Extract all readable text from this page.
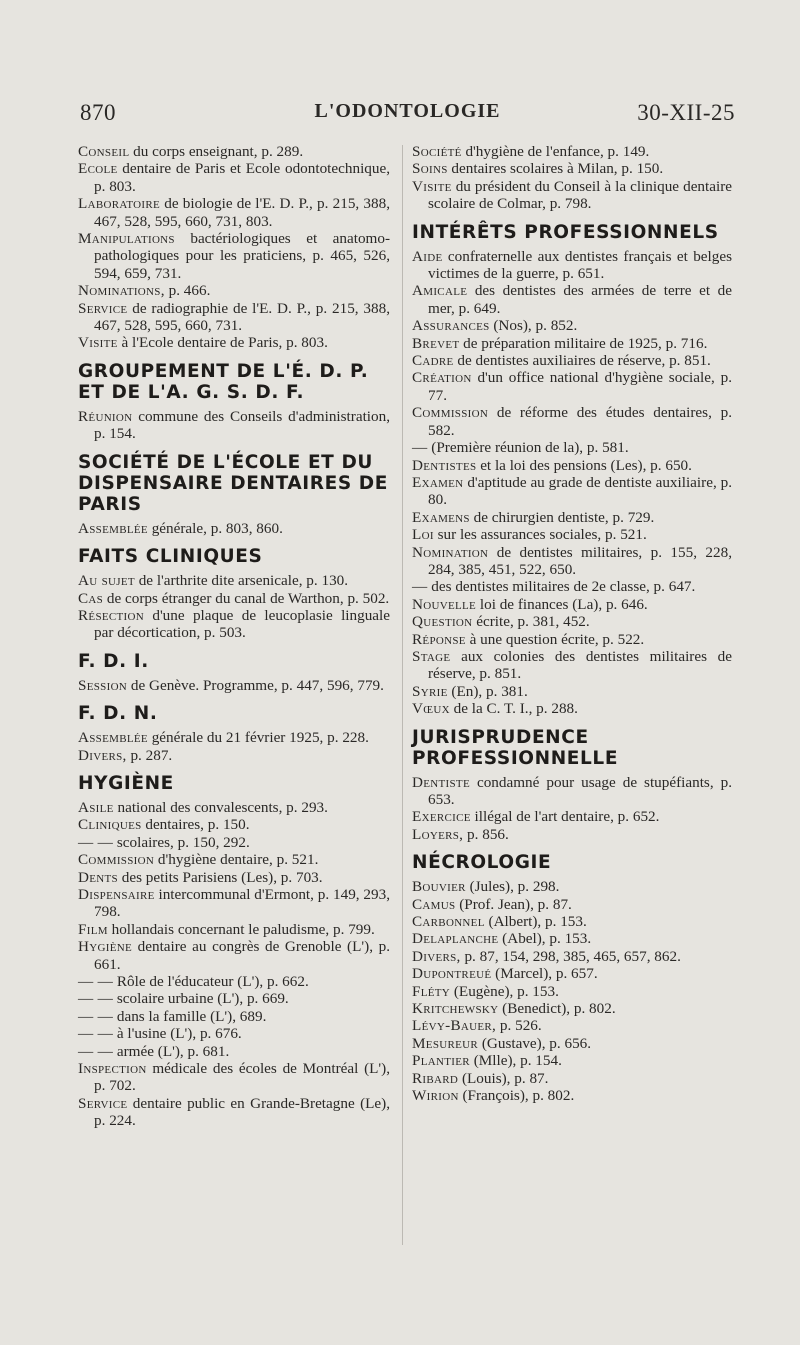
870	L'ODONTOLOGIE	30-XII-25
Conseil du corps enseignant, p. 289.
Ecole dentaire de Paris et Ecole odontotechnique, p. 803.
Laboratoire de biologie de l'E. D. P., p. 215, 388, 467, 528, 595, 660, 731, 803.
Manipulations bactériologiques et anatomo-pathologiques pour les praticiens, p. 465, 526, 594, 659, 731.
Nominations, p. 466.
Service de radiographie de l'E. D. P., p. 215, 388, 467, 528, 595, 660, 731.
Visite à l'Ecole dentaire de Paris, p. 803.
GROUPEMENT DE L'É. D. P. ET DE L'A. G. S. D. F.
Réunion commune des Conseils d'administration, p. 154.
SOCIÉTÉ DE L'ÉCOLE ET DU DISPENSAIRE DENTAIRES DE PARIS
Assemblée générale, p. 803, 860.
FAITS CLINIQUES
Au sujet de l'arthrite dite arsenicale, p. 130.
Cas de corps étranger du canal de Warthon, p. 502.
Résection d'une plaque de leucoplasie linguale par décortication, p. 503.
F. D. I.
Session de Genève. Programme, p. 447, 596, 779.
F. D. N.
Assemblée générale du 21 février 1925, p. 228.
Divers, p. 287.
HYGIÈNE
Asile national des convalescents, p. 293.
Cliniques dentaires, p. 150.
— — scolaires, p. 150, 292.
Commission d'hygiène dentaire, p. 521.
Dents des petits Parisiens (Les), p. 703.
Dispensaire intercommunal d'Ermont, p. 149, 293, 798.
Film hollandais concernant le paludisme, p. 799.
Hygiène dentaire au congrès de Grenoble (L'), p. 661.
— — Rôle de l'éducateur (L'), p. 662.
— — scolaire urbaine (L'), p. 669.
— — dans la famille (L'), 689.
— — à l'usine (L'), p. 676.
— — armée (L'), p. 681.
Inspection médicale des écoles de Montréal (L'), p. 702.
Service dentaire public en Grande-Bretagne (Le), p. 224.
Société d'hygiène de l'enfance, p. 149.
Soins dentaires scolaires à Milan, p. 150.
Visite du président du Conseil à la clinique dentaire scolaire de Colmar, p. 798.
INTÉRÊTS PROFESSIONNELS
Aide confraternelle aux dentistes français et belges victimes de la guerre, p. 651.
Amicale des dentistes des armées de terre et de mer, p. 649.
Assurances (Nos), p. 852.
Brevet de préparation militaire de 1925, p. 716.
Cadre de dentistes auxiliaires de réserve, p. 851.
Création d'un office national d'hygiène sociale, p. 77.
Commission de réforme des études dentaires, p. 582.
— (Première réunion de la), p. 581.
Dentistes et la loi des pensions (Les), p. 650.
Examen d'aptitude au grade de dentiste auxiliaire, p. 80.
Examens de chirurgien dentiste, p. 729.
Loi sur les assurances sociales, p. 521.
Nomination de dentistes militaires, p. 155, 228, 284, 385, 451, 522, 650.
— des dentistes militaires de 2e classe, p. 647.
Nouvelle loi de finances (La), p. 646.
Question écrite, p. 381, 452.
Réponse à une question écrite, p. 522.
Stage aux colonies des dentistes militaires de réserve, p. 851.
Syrie (En), p. 381.
Vœux de la C. T. I., p. 288.
JURISPRUDENCE PROFESSIONNELLE
Dentiste condamné pour usage de stupéfiants, p. 653.
Exercice illégal de l'art dentaire, p. 652.
Loyers, p. 856.
NÉCROLOGIE
Bouvier (Jules), p. 298.
Camus (Prof. Jean), p. 87.
Carbonnel (Albert), p. 153.
Delaplanche (Abel), p. 153.
Divers, p. 87, 154, 298, 385, 465, 657, 862.
Dupontreué (Marcel), p. 657.
Fléty (Eugène), p. 153.
Kritchewsky (Benedict), p. 802.
Lévy-Bauer, p. 526.
Mesureur (Gustave), p. 656.
Plantier (Mlle), p. 154.
Ribard (Louis), p. 87.
Wirion (François), p. 802.
